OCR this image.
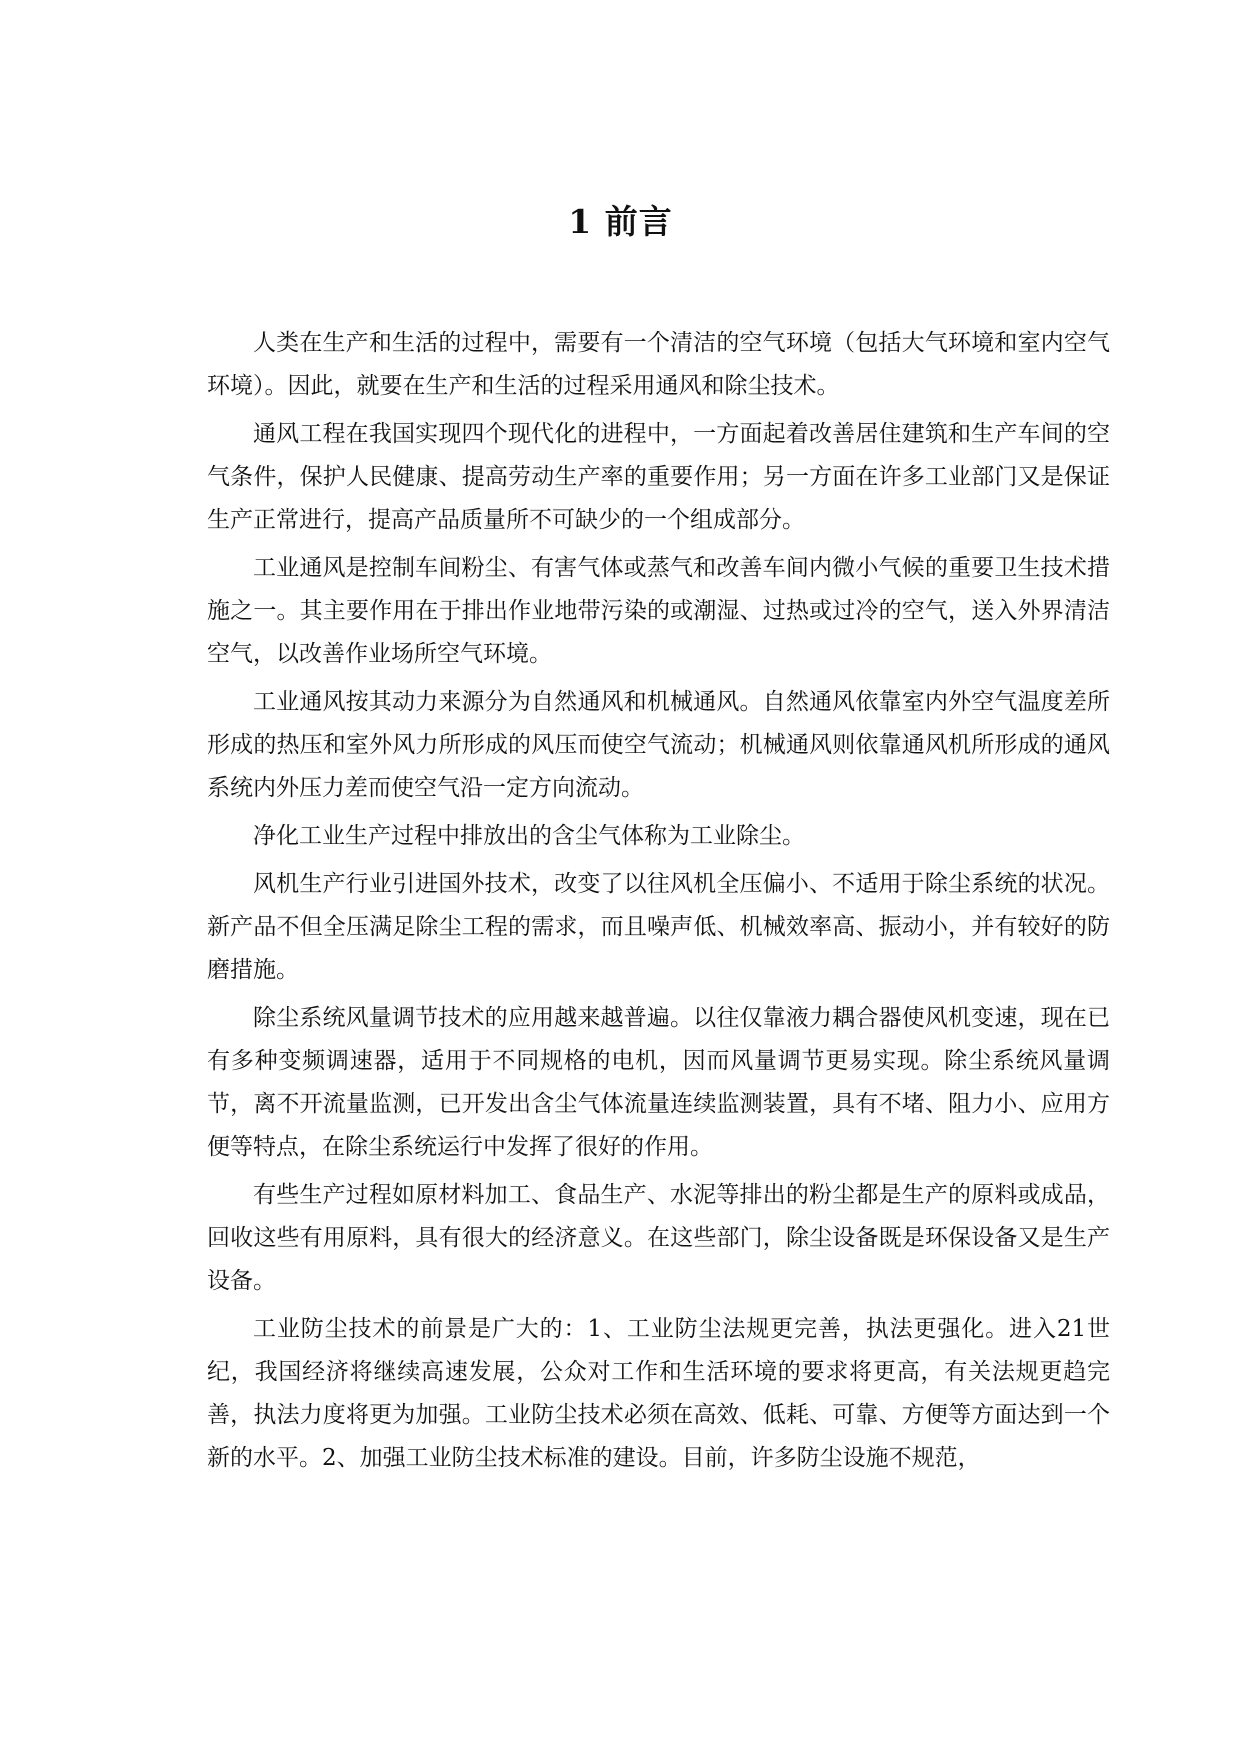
1 前言

人类在生产和生活的过程中，需要有一个清洁的空气环境（包括大气环境和室内空气环境）。因此，就要在生产和生活的过程采用通风和除尘技术。

通风工程在我国实现四个现代化的进程中，一方面起着改善居住建筑和生产车间的空气条件，保护人民健康、提高劳动生产率的重要作用；另一方面在许多工业部门又是保证生产正常进行，提高产品质量所不可缺少的一个组成部分。

工业通风是控制车间粉尘、有害气体或蒸气和改善车间内微小气候的重要卫生技术措施之一。其主要作用在于排出作业地带污染的或潮湿、过热或过冷的空气，送入外界清洁空气，以改善作业场所空气环境。

工业通风按其动力来源分为自然通风和机械通风。自然通风依靠室内外空气温度差所形成的热压和室外风力所形成的风压而使空气流动；机械通风则依靠通风机所形成的通风系统内外压力差而使空气沿一定方向流动。

净化工业生产过程中排放出的含尘气体称为工业除尘。

风机生产行业引进国外技术，改变了以往风机全压偏小、不适用于除尘系统的状况。新产品不但全压满足除尘工程的需求，而且噪声低、机械效率高、振动小，并有较好的防磨措施。

除尘系统风量调节技术的应用越来越普遍。以往仅靠液力耦合器使风机变速，现在已有多种变频调速器，适用于不同规格的电机，因而风量调节更易实现。除尘系统风量调节，离不开流量监测，已开发出含尘气体流量连续监测装置，具有不堵、阻力小、应用方便等特点，在除尘系统运行中发挥了很好的作用。

有些生产过程如原材料加工、食品生产、水泥等排出的粉尘都是生产的原料或成品，回收这些有用原料，具有很大的经济意义。在这些部门，除尘设备既是环保设备又是生产设备。

工业防尘技术的前景是广大的：1、工业防尘法规更完善，执法更强化。进入21世纪，我国经济将继续高速发展，公众对工作和生活环境的要求将更高，有关法规更趋完善，执法力度将更为加强。工业防尘技术必须在高效、低耗、可靠、方便等方面达到一个新的水平。2、加强工业防尘技术标准的建设。目前，许多防尘设施不规范，
